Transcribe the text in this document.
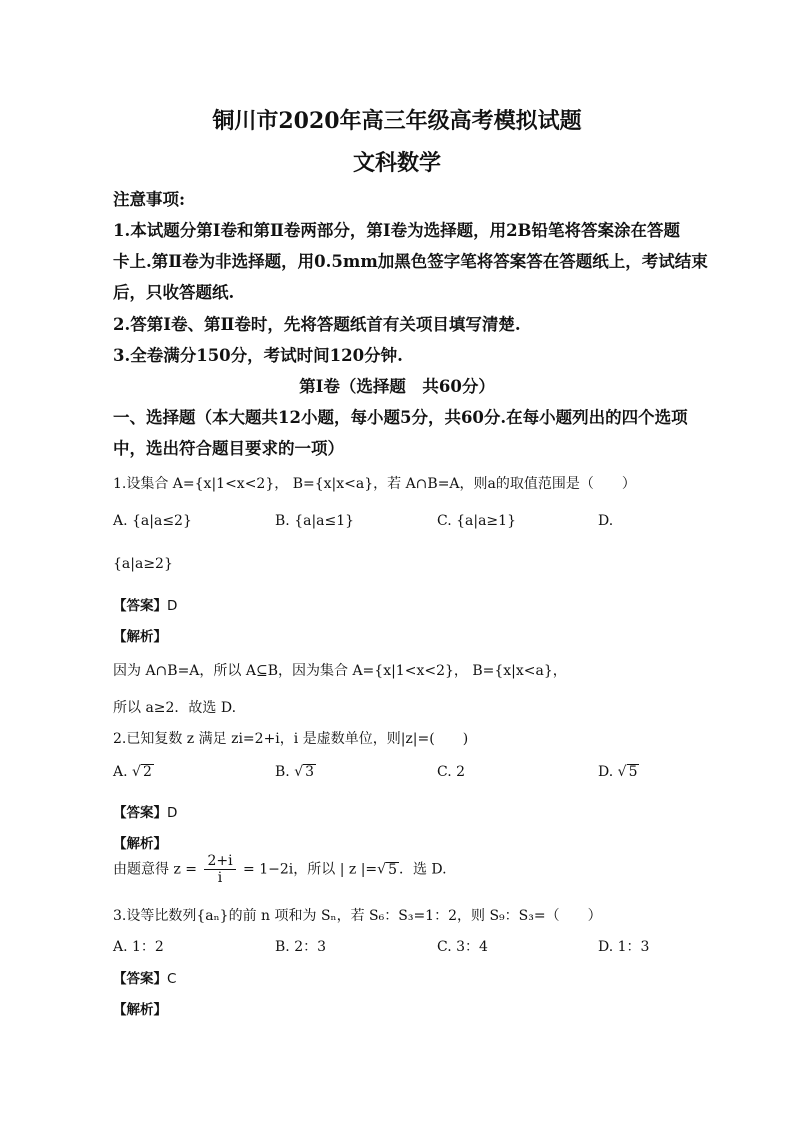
铜川市2020年高三年级高考模拟试题
文科数学
注意事项:
1.本试题分第Ⅰ卷和第Ⅱ卷两部分，第Ⅰ卷为选择题，用2B铅笔将答案涂在答题
卡上.第Ⅱ卷为非选择题，用0.5mm加黑色签字笔将答案答在答题纸上，考试结束
后，只收答题纸.
2.答第Ⅰ卷、第Ⅱ卷时，先将答题纸首有关项目填写清楚.
3.全卷满分150分，考试时间120分钟.
第Ⅰ卷（选择题　共60分）
一、选择题（本大题共12小题，每小题5分，共60分.在每小题列出的四个选项
中，选出符合题目要求的一项）
1.设集合 A={x|1<x<2}， B={x|x<a}，若 A∩B=A，则a的取值范围是（　　）
A. {a|a≤2}	B. {a|a≤1}	C. {a|a≥1}	D.
{a|a≥2}
【答案】D
【解析】
因为 A∩B=A，所以 A⊆B，因为集合 A={x|1<x<2}， B={x|x<a}，
所以 a≥2．故选 D.
2.已知复数 z 满足 zi=2+i，i 是虚数单位，则|z|=(　　)
A. √ 2	B. √ 3	C. 2	D. √ 5
【答案】D
【解析】
由题意得 $z = \frac{2+i}{i} = 1-2i$，所以 | z |=√ 5 ．选 D.
3.设等比数列{aₙ}的前 n 项和为 Sₙ，若 S₆：S₃=1：2，则 S₉：S₃=（　　）
A. 1：2	B. 2：3	C. 3：4	D. 1：3
【答案】C
【解析】
